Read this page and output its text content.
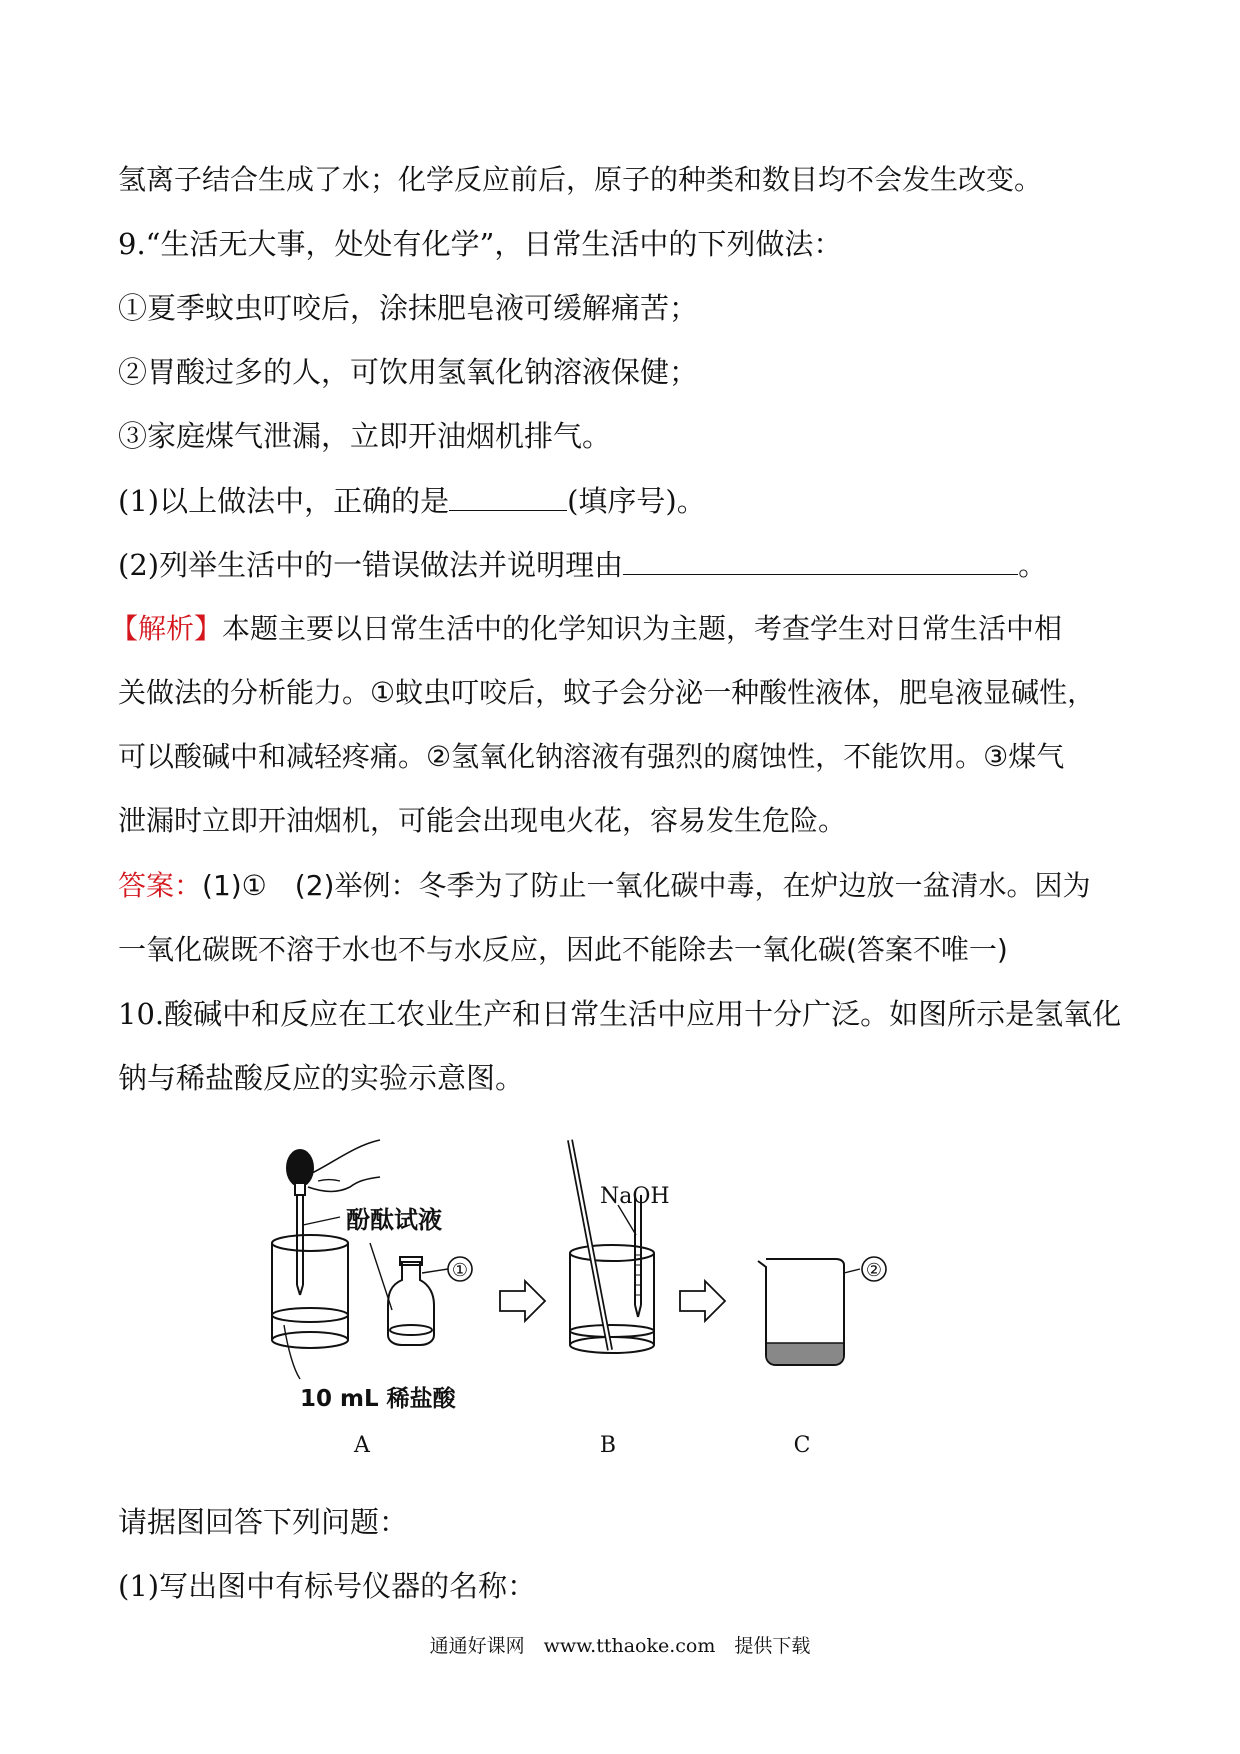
氢离子结合生成了水；化学反应前后，原子的种类和数目均不会发生改变。
9.“生活无大事，处处有化学”，日常生活中的下列做法：
①夏季蚊虫叮咬后，涂抹肥皂液可缓解痛苦；
②胃酸过多的人，可饮用氢氧化钠溶液保健；
③家庭煤气泄漏，立即开油烟机排气。
(1)以上做法中，正确的是	(填序号)。
(2)列举生活中的一错误做法并说明理由	。
【解析】本题主要以日常生活中的化学知识为主题，考查学生对日常生活中相
关做法的分析能力。①蚊虫叮咬后，蚊子会分泌一种酸性液体，肥皂液显碱性，
可以酸碱中和减轻疼痛。②氢氧化钠溶液有强烈的腐蚀性，不能饮用。③煤气
泄漏时立即开油烟机，可能会出现电火花，容易发生危险。
答案：(1)①　(2)举例：冬季为了防止一氧化碳中毒，在炉边放一盆清水。因为
一氧化碳既不溶于水也不与水反应，因此不能除去一氧化碳(答案不唯一)
10.酸碱中和反应在工农业生产和日常生活中应用十分广泛。如图所示是氢氧化
钠与稀盐酸反应的实验示意图。
酚酞试液
①	②
NaOH
10 mL 稀盐酸
A	B	C
请据图回答下列问题：
(1)写出图中有标号仪器的名称：
通通好课网　www.tthaoke.com　提供下载
